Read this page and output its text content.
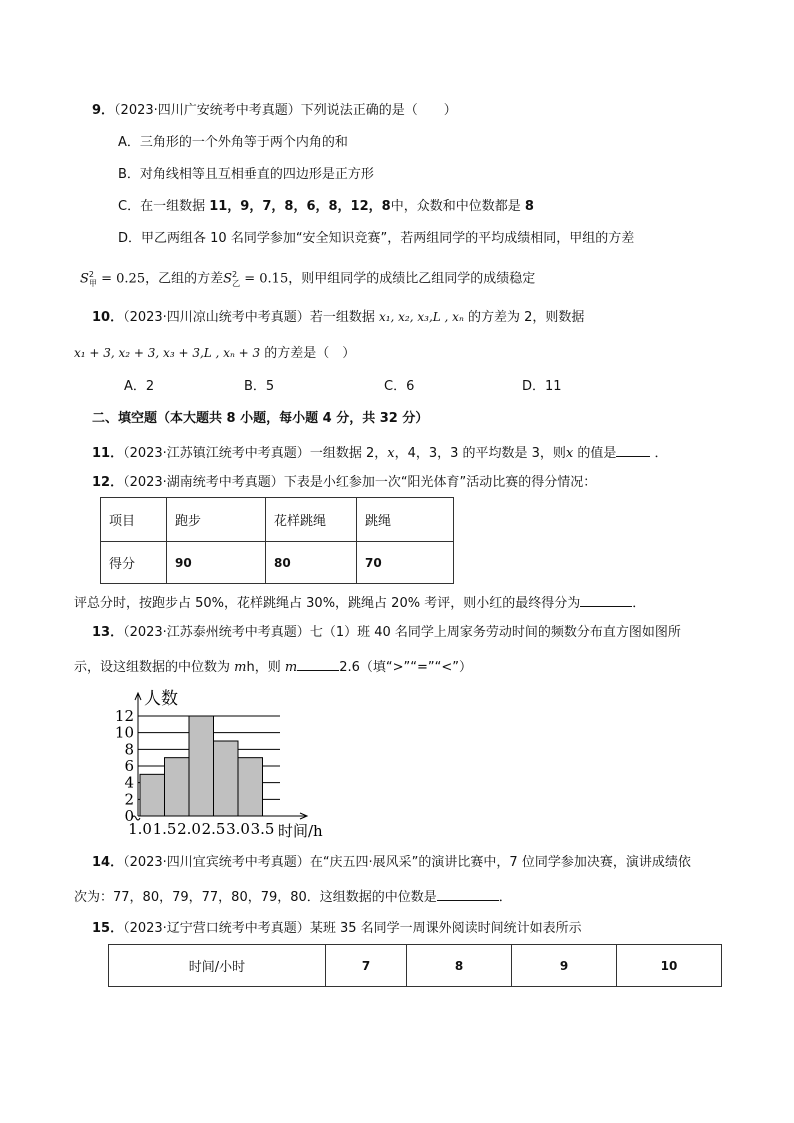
9．（2023·四川广安统考中考真题）下列说法正确的是（　　）
A．三角形的一个外角等于两个内角的和
B．对角线相等且互相垂直的四边形是正方形
C．在一组数据 11，9，7，8，6，8，12，8中，众数和中位数都是 8
D．甲乙两组各 10 名同学参加“安全知识竞赛”，若两组同学的平均成绩相同，甲组的方差
$S^2_甲 = 0.25$，乙组的方差$S^2_乙 = 0.15$，则甲组同学的成绩比乙组同学的成绩稳定
10．（2023·四川凉山统考中考真题）若一组数据 x₁, x₂, x₃,L , xₙ 的方差为 2，则数据
x₁ + 3, x₂ + 3, x₃ + 3,L , xₙ + 3 的方差是（　）
A．2	B．5	C．6	D．11
二、填空题（本大题共 8 小题，每小题 4 分，共 32 分）
11．（2023·江苏镇江统考中考真题）一组数据 2，x，4，3，3 的平均数是 3，则x 的值是	．
12．（2023·湖南统考中考真题）下表是小红参加一次“阳光体育”活动比赛的得分情况：
项目	跑步	花样跳绳	跳绳
得分	90	80	70
评总分时，按跑步占 50%，花样跳绳占 30%，跳绳占 20% 考评，则小红的最终得分为	．
13．（2023·江苏泰州统考中考真题）七（1）班 40 名同学上周家务劳动时间的频数分布直方图如图所
示，设这组数据的中位数为 mh，则 m	2.6（填“>”“=”“<”）
0
2
4
6
8
10
12
1.0 1.5 2.0 2.5 3.0 3.5
人数
时间/h
14．（2023·四川宜宾统考中考真题）在“庆五四·展风采”的演讲比赛中，7 位同学参加决赛，演讲成绩依
次为：77，80，79，77，80，79，80．这组数据的中位数是	．
15．（2023·辽宁营口统考中考真题）某班 35 名同学一周课外阅读时间统计如表所示
时间/小时	7	8	9	10
